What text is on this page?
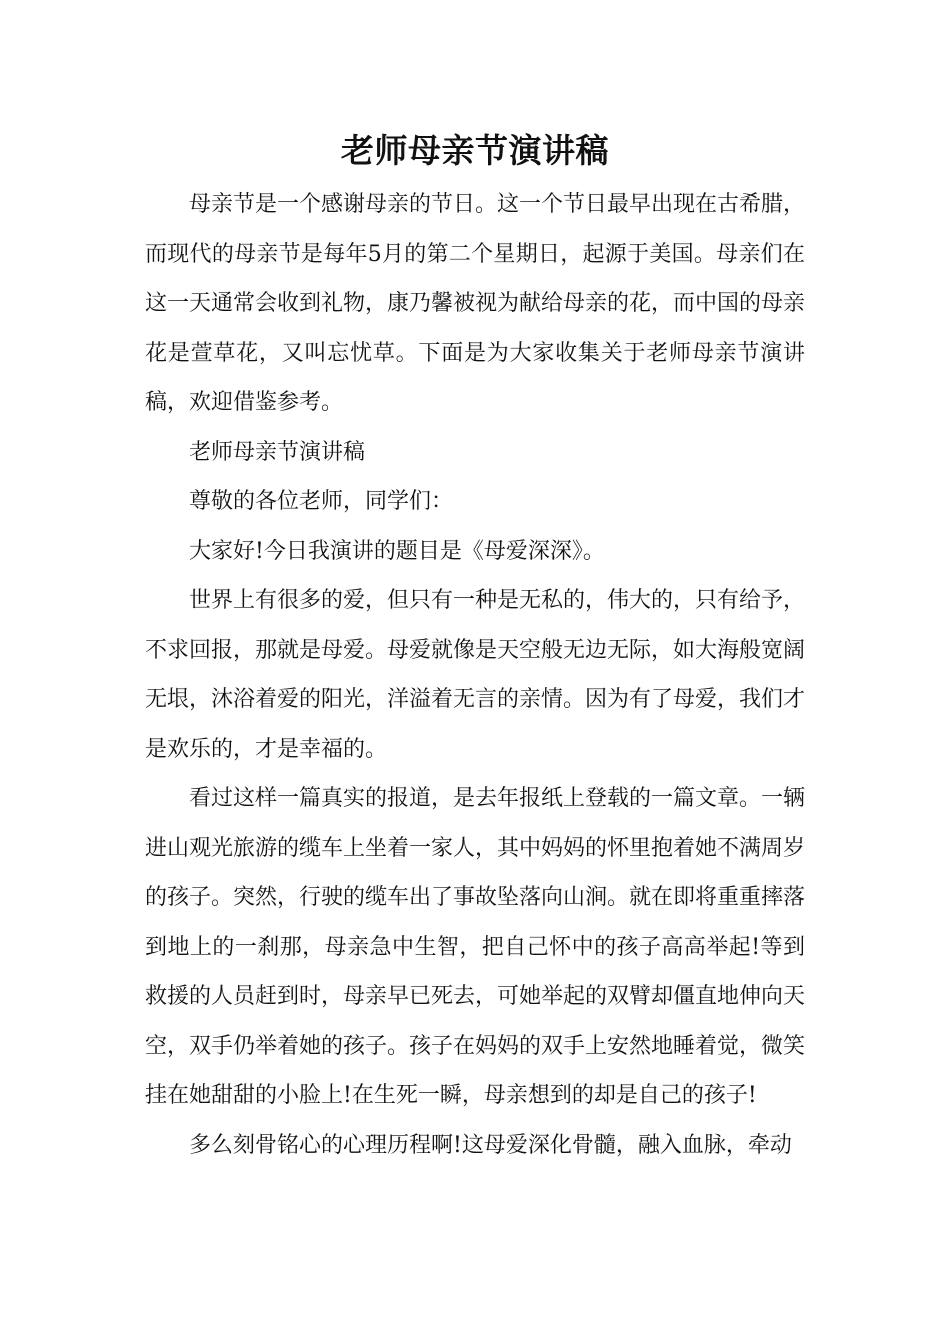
老师母亲节演讲稿

母亲节是一个感谢母亲的节日。这一个节日最早出现在古希腊，而现代的母亲节是每年5月的第二个星期日，起源于美国。母亲们在这一天通常会收到礼物，康乃馨被视为献给母亲的花，而中国的母亲花是萱草花，又叫忘忧草。下面是为大家收集关于老师母亲节演讲稿，欢迎借鉴参考。

老师母亲节演讲稿

尊敬的各位老师，同学们：

大家好!今日我演讲的题目是《母爱深深》。

世界上有很多的爱，但只有一种是无私的，伟大的，只有给予，不求回报，那就是母爱。母爱就像是天空般无边无际，如大海般宽阔无垠，沐浴着爱的阳光，洋溢着无言的亲情。因为有了母爱，我们才是欢乐的，才是幸福的。

看过这样一篇真实的报道，是去年报纸上登载的一篇文章。一辆进山观光旅游的缆车上坐着一家人，其中妈妈的怀里抱着她不满周岁的孩子。突然，行驶的缆车出了事故坠落向山涧。就在即将重重摔落到地上的一刹那，母亲急中生智，把自己怀中的孩子高高举起!等到救援的人员赶到时，母亲早已死去，可她举起的双臂却僵直地伸向天空，双手仍举着她的孩子。孩子在妈妈的双手上安然地睡着觉，微笑挂在她甜甜的小脸上!在生死一瞬，母亲想到的却是自己的孩子!

多么刻骨铭心的心理历程啊!这母爱深化骨髓，融入血脉，牵动
